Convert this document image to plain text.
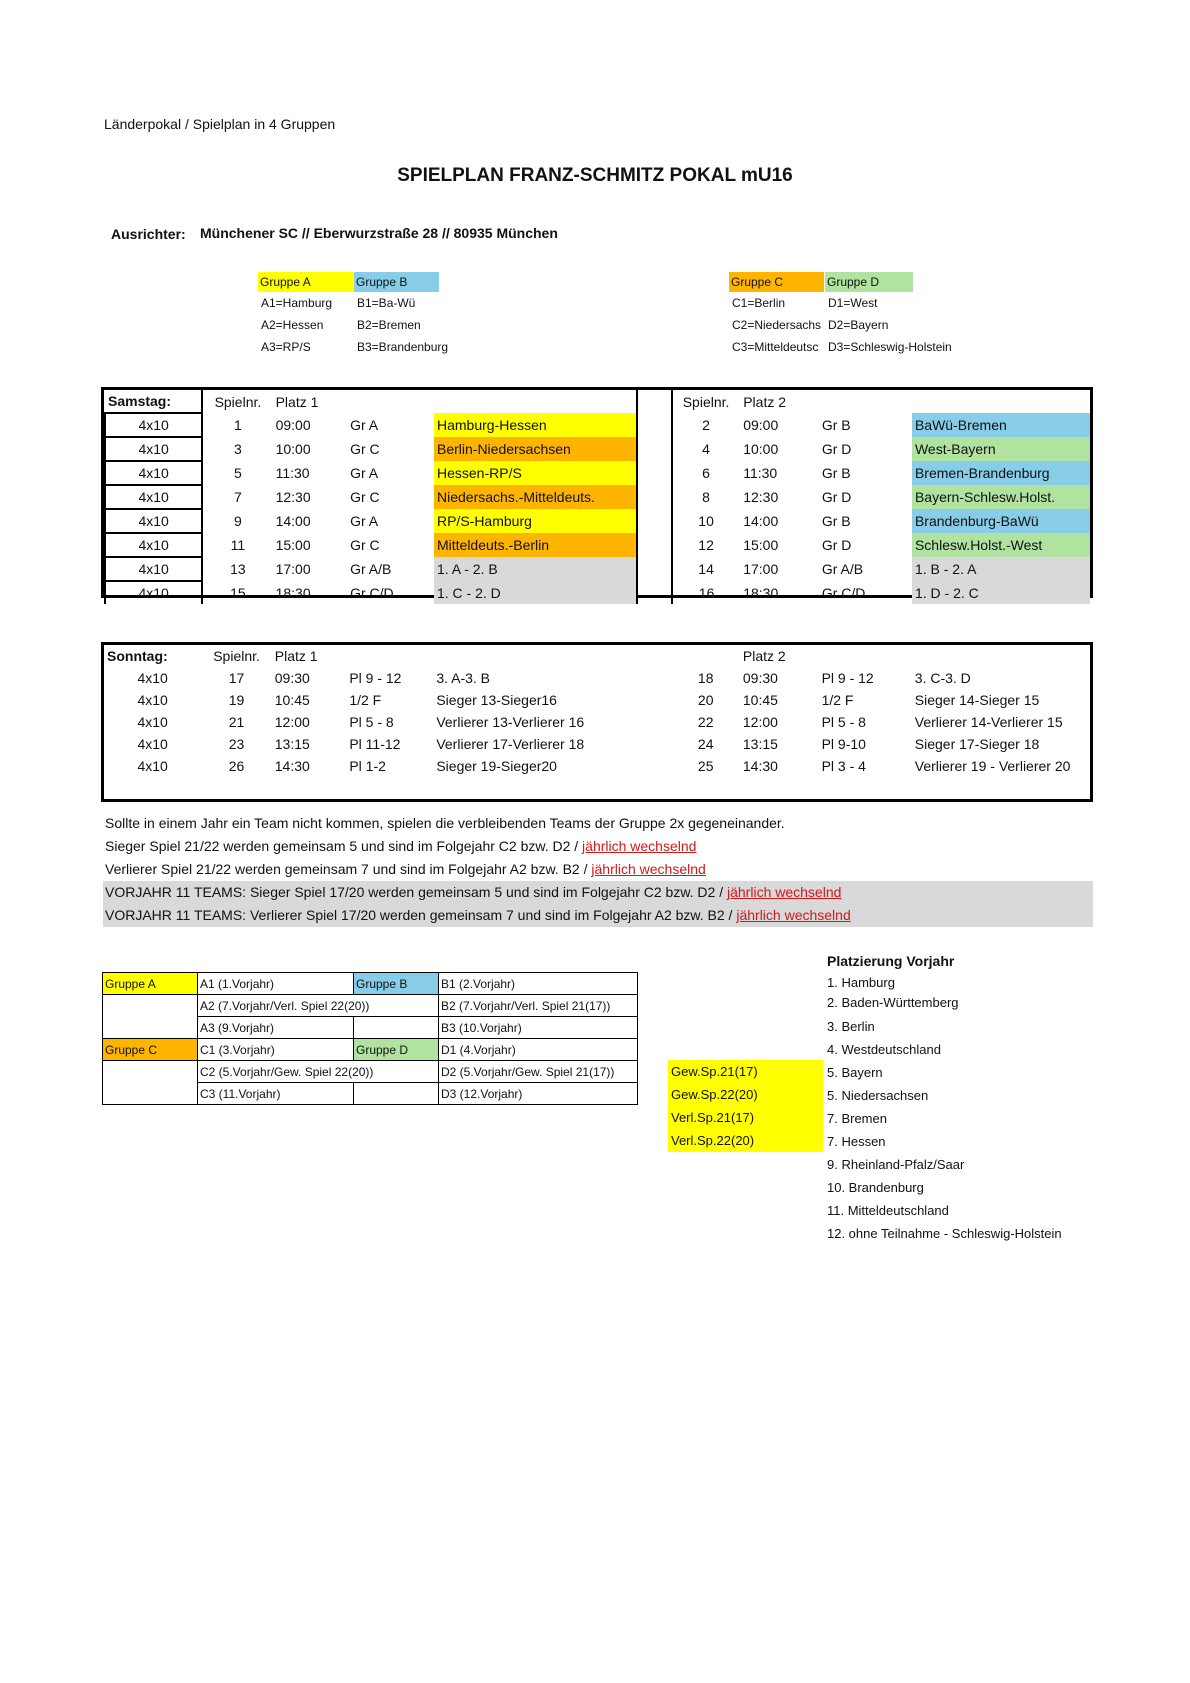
Länderpokal / Spielplan in 4 Gruppen
SPIELPLAN FRANZ-SCHMITZ POKAL mU16
Ausrichter: Münchener SC // Eberwurzstraße 28 // 80935 München
Gruppe A
A1=Hamburg
A2=Hessen
A3=RP/S
Gruppe B
B1=Ba-Wü
B2=Bremen
B3=Brandenburg
Gruppe C
C1=Berlin
C2=Niedersachs
C3=Mitteldeutsc
Gruppe D
D1=West
D2=Bayern
D3=Schleswig-Holstein
Samstag:	Spielnr.	Platz 1				Spielnr.	Platz 2		
4x10	1	09:00	Gr A	Hamburg-Hessen		2	09:00	Gr B	BaWü-Bremen
4x10	3	10:00	Gr C	Berlin-Niedersachsen		4	10:00	Gr D	West-Bayern
4x10	5	11:30	Gr A	Hessen-RP/S		6	11:30	Gr B	Bremen-Brandenburg
4x10	7	12:30	Gr C	Niedersachs.-Mitteldeuts.		8	12:30	Gr D	Bayern-Schlesw.Holst.
4x10	9	14:00	Gr A	RP/S-Hamburg		10	14:00	Gr B	Brandenburg-BaWü
4x10	11	15:00	Gr C	Mitteldeuts.-Berlin		12	15:00	Gr D	Schlesw.Holst.-West
4x10	13	17:00	Gr A/B	1. A - 2. B		14	17:00	Gr A/B	1. B - 2. A
4x10	15	18:30	Gr C/D	1. C - 2. D		16	18:30	Gr C/D	1. D - 2. C
Sonntag:	Spielnr.	Platz 1					Platz 2		
4x10	17	09:30	Pl 9 - 12	3. A-3. B		18	09:30	Pl 9 - 12	3. C-3. D
4x10	19	10:45	1/2 F	Sieger 13-Sieger16		20	10:45	1/2 F	Sieger 14-Sieger 15
4x10	21	12:00	Pl 5 - 8	Verlierer 13-Verlierer 16		22	12:00	Pl 5 - 8	Verlierer 14-Verlierer 15
4x10	23	13:15	Pl 11-12	Verlierer 17-Verlierer 18		24	13:15	Pl 9-10	Sieger 17-Sieger 18
4x10	26	14:30	Pl 1-2	Sieger 19-Sieger20		25	14:30	Pl 3 - 4	Verlierer 19 - Verlierer 20
Sollte in einem Jahr ein Team nicht kommen, spielen die verbleibenden Teams der Gruppe 2x gegeneinander.
Sieger Spiel 21/22 werden gemeinsam 5 und sind im Folgejahr C2 bzw. D2 / jährlich wechselnd
Verlierer Spiel 21/22 werden gemeinsam 7 und sind im Folgejahr A2 bzw. B2 / jährlich wechselnd
VORJAHR 11 TEAMS: Sieger Spiel 17/20 werden gemeinsam 5 und sind im Folgejahr C2 bzw. D2 / jährlich wechselnd
VORJAHR 11 TEAMS: Verlierer Spiel 17/20 werden gemeinsam 7 und sind im Folgejahr A2 bzw. B2 / jährlich wechselnd
Gruppe A	A1 (1.Vorjahr)	Gruppe B	B1 (2.Vorjahr)
	A2 (7.Vorjahr/Verl. Spiel 22(20))		B2 (7.Vorjahr/Verl. Spiel 21(17))
	A3 (9.Vorjahr)		B3 (10.Vorjahr)
Gruppe C	C1 (3.Vorjahr)	Gruppe D	D1 (4.Vorjahr)
	C2 (5.Vorjahr/Gew. Spiel 22(20))		D2 (5.Vorjahr/Gew. Spiel 21(17))
	C3 (11.Vorjahr)		D3 (12.Vorjahr)
Gew.Sp.21(17)
Gew.Sp.22(20)
Verl.Sp.21(17)
Verl.Sp.22(20)
Platzierung Vorjahr
1. Hamburg
2. Baden-Württemberg
3. Berlin
4. Westdeutschland
5. Bayern
5. Niedersachsen
7. Bremen
7. Hessen
9. Rheinland-Pfalz/Saar
10. Brandenburg
11. Mitteldeutschland
12. ohne Teilnahme - Schleswig-Holstein
